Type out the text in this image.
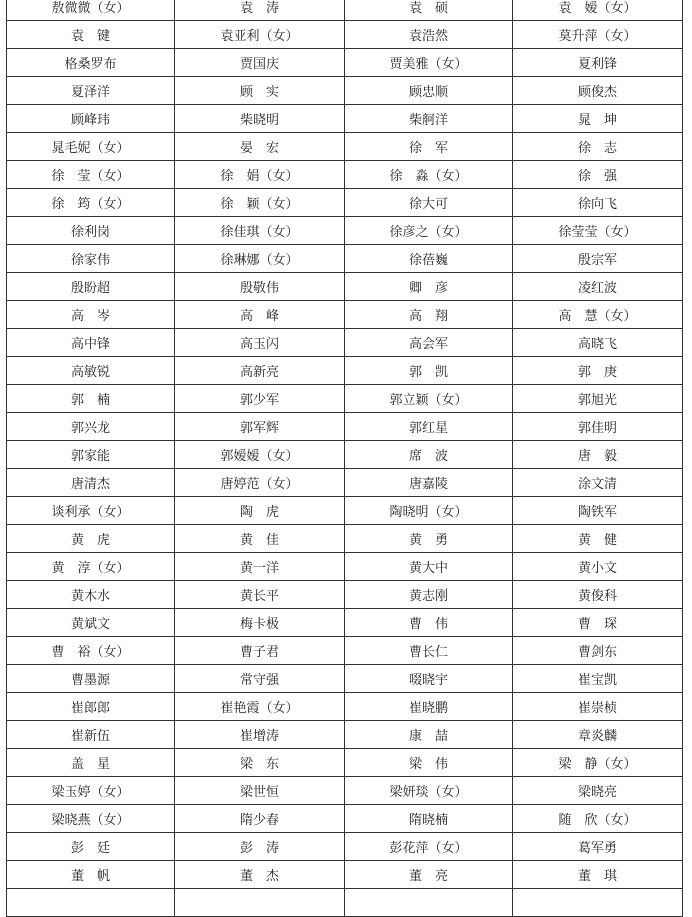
敖微微（女）	袁　涛	袁　硕	袁　嫒（女）
袁　键	袁亚利（女）	袁浩然	莫升萍（女）
格桑罗布	贾国庆	贾美雅（女）	夏利锋
夏泽洋	顾　实	顾忠顺	顾俊杰
顾峰玮	柴晓明	柴舸洋	晁　坤
晁毛妮（女）	晏　宏	徐　军	徐　志
徐　莹（女）	徐　娟（女）	徐　淼（女）	徐　强
徐　筠（女）	徐　颖（女）	徐大可	徐向飞
徐利岗	徐佳琪（女）	徐彦之（女）	徐莹莹（女）
徐家伟	徐琳娜（女）	徐蓓巍	殷宗军
殷盼超	殷敬伟	卿　彦	凌红波
高　岑	高　峰	高　翔	高　慧（女）
高中锋	高玉闪	高会军	高晓飞
高敏锐	高新亮	郭　凯	郭　庚
郭　楠	郭少军	郭立颖（女）	郭旭光
郭兴龙	郭军辉	郭红星	郭佳明
郭家能	郭嫒嫒（女）	席　波	唐　毅
唐清杰	唐婷范（女）	唐嘉陵	涂文清
谈利承（女）	陶　虎	陶晓明（女）	陶铁军
黄　虎	黄　佳	黄　勇	黄　健
黄　淳（女）	黄一洋	黄大中	黄小文
黄木水	黄长平	黄志刚	黄俊科
黄斌文	梅卡极	曹　伟	曹　琛
曹　裕（女）	曹子君	曹长仁	曹剑东
曹墨源	常守强	啜晓宇	崔宝凯
崔郎郎	崔艳霞（女）	崔晓鹏	崔崇桢
崔新伍	崔增涛	康　喆	章炎麟
盖　星	梁　东	梁　伟	梁　静（女）
梁玉婷（女）	梁世恒	梁妍琰（女）	梁晓亮
梁晓燕（女）	隋少春	隋晓楠	随　欣（女）
彭　廷	彭　涛	彭花萍（女）	葛军勇
董　帆	董　杰	董　亮	董　琪
